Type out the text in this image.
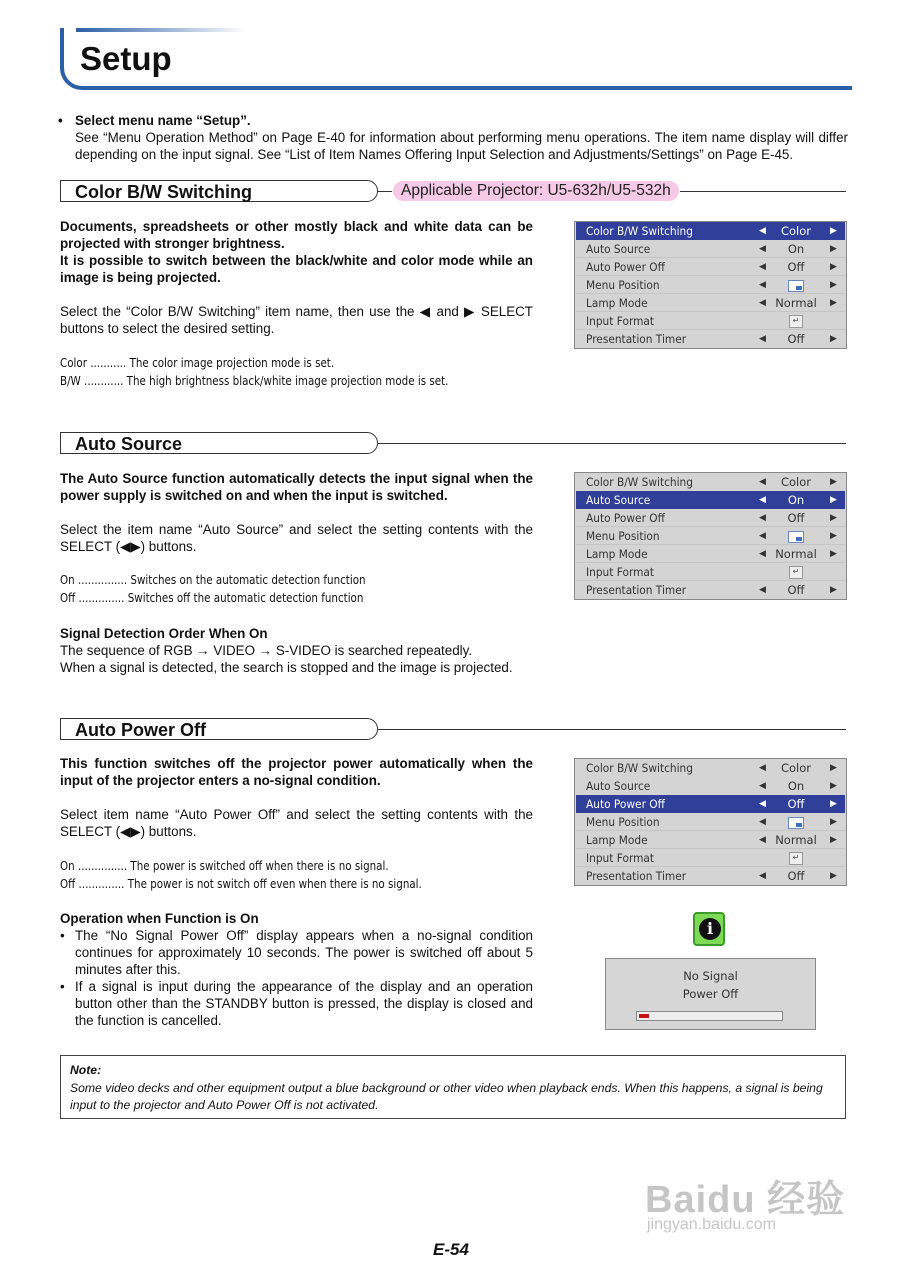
Setup
• Select menu name “Setup”.
See “Menu Operation Method” on Page E-40 for information about performing menu operations. The item name display will differ depending on the input signal. See “List of Item Names Offering Input Selection and Adjustments/Settings” on Page E-45.
Color B/W Switching	Applicable Projector: U5-632h/U5-532h
Documents, spreadsheets or other mostly black and white data can be projected with stronger brightness.
It is possible to switch between the black/white and color mode while an image is being projected.
Select the “Color B/W Switching” item name, then use the ◀ and ▶ SELECT buttons to select the desired setting.
Color ........... The color image projection mode is set.
B/W ............ The high brightness black/white image projection mode is set.
Color B/W Switching	◀	Color	▶
Auto Source	◀	On	▶
Auto Power Off	◀	Off	▶
Menu Position	◀	▶
Lamp Mode	◀ Normal	▶
Input Format	↵
Presentation Timer	◀	Off	▶
Auto Source
The Auto Source function automatically detects the input signal when the power supply is switched on and when the input is switched.
Select the item name “Auto Source” and select the setting contents with the SELECT (◀▶) buttons.
On ............... Switches on the automatic detection function
Off .............. Switches off the automatic detection function
Signal Detection Order When On
The sequence of RGB → VIDEO → S-VIDEO is searched repeatedly.
When a signal is detected, the search is stopped and the image is projected.
Color B/W Switching	◀	Color	▶
Auto Source	◀	On	▶
Auto Power Off	◀	Off	▶
Menu Position	◀	▶
Lamp Mode	◀ Normal	▶
Input Format	↵
Presentation Timer	◀	Off	▶
Auto Power Off
This function switches off the projector power automatically when the input of the projector enters a no-signal condition.
Select item name “Auto Power Off” and select the setting contents with the SELECT (◀▶) buttons.
On ............... The power is switched off when there is no signal.
Off .............. The power is not switch off even when there is no signal.
Operation when Function is On
• The “No Signal Power Off” display appears when a no-signal condition continues for approximately 10 seconds. The power is switched off about 5 minutes after this.
• If a signal is input during the appearance of the display and an operation button other than the STANDBY button is pressed, the display is closed and the function is cancelled.
Color B/W Switching	◀	Color	▶
Auto Source	◀	On	▶
Auto Power Off	◀	Off	▶
Menu Position	◀	▶
Lamp Mode	◀ Normal	▶
Input Format	↵
Presentation Timer	◀	Off	▶
i
No Signal
Power Off
Note:
Some video decks and other equipment output a blue background or other video when playback ends. When this happens, a signal is being input to the projector and Auto Power Off is not activated.
Baidu 经验
jingyan.baidu.com
E-54
